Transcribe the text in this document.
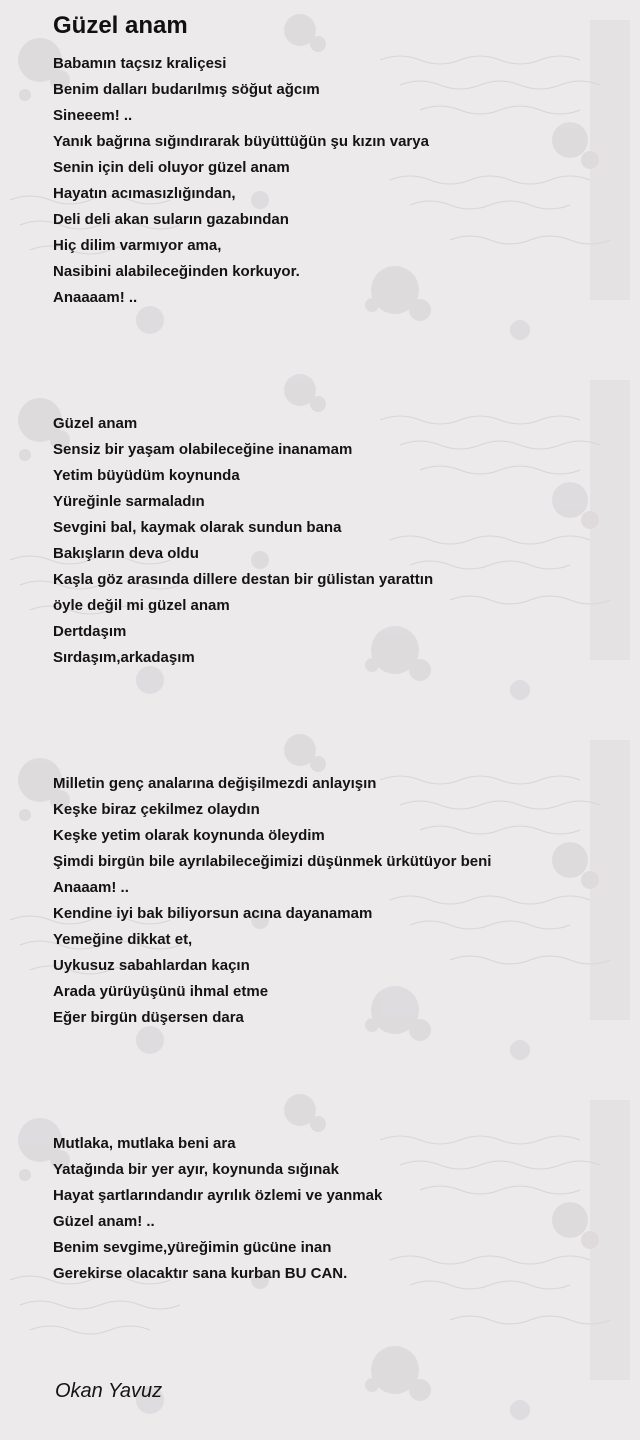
Güzel anam
Babamın taçsız kraliçesi
Benim dalları budarılmış söğut ağcım
Sineeem! ..
Yanık bağrına sığındırarak büyüttüğün şu kızın varya
Senin için deli oluyor güzel anam
Hayatın acımasızlığından,
Deli deli akan suların gazabından
Hiç dilim varmıyor ama,
Nasibini alabileceğinden korkuyor.
Anaaaam! ..
Güzel anam
Sensiz bir yaşam olabileceğine inanamam
Yetim büyüdüm koynunda
Yüreğinle sarmaladın
Sevgini bal, kaymak olarak sundun bana
Bakışların deva oldu
Kaşla göz arasında dillere destan bir gülistan yarattın
öyle değil mi güzel anam
Dertdaşım
Sırdaşım,arkadaşım
Milletin genç analarına değişilmezdi anlayışın
Keşke biraz çekilmez olaydın
Keşke yetim olarak koynunda öleydim
Şimdi birgün bile ayrılabileceğimizi düşünmek ürkütüyor beni
Anaaam! ..
Kendine iyi bak biliyorsun acına dayanamam
Yemeğine dikkat et,
Uykusuz sabahlardan kaçın
Arada yürüyüşünü ihmal etme
Eğer birgün düşersen dara
Mutlaka, mutlaka beni ara
Yatağında bir yer ayır, koynunda sığınak
Hayat şartlarındandır ayrılık özlemi ve yanmak
Güzel anam! ..
Benim sevgime,yüreğimin gücüne inan
Gerekirse olacaktır sana kurban BU CAN.
Okan Yavuz
